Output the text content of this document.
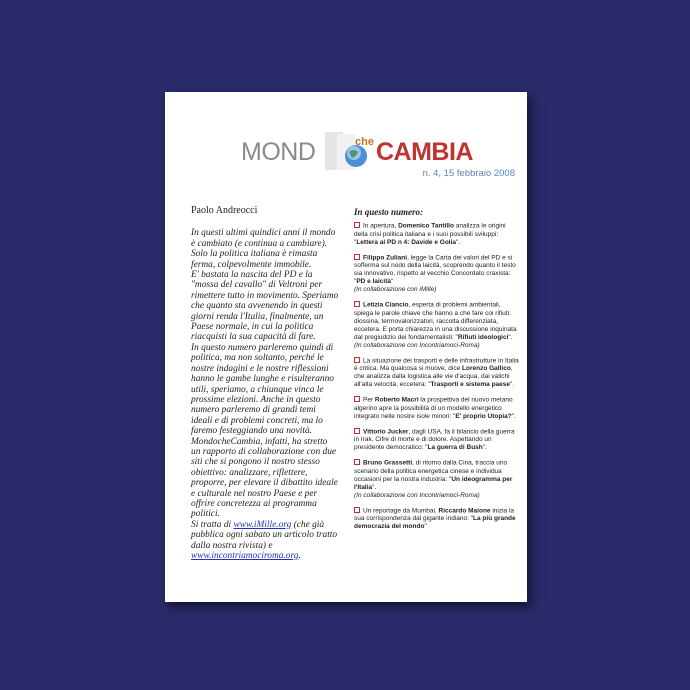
MOND	che CAMBIA
n. 4, 15 febbraio 2008

Paolo Andreocci

In questi ultimi quindici anni il mondo è cambiato (e continua a cambiare). Solo la politica italiana è rimasta ferma, colpevolmente immobile.
E' bastata la nascita del PD e la "mossa del cavallo" di Veltroni per rimettere tutto in movimento. Speriamo che quanto sta avvenendo in questi giorni renda l'Italia, finalmente, un Paese normale, in cui la politica riacquisti la sua capacità di fare.
In questo numero parleremo quindi di politica, ma non soltanto, perché le nostre indagini e le nostre riflessioni hanno le gambe lunghe e risulteranno utili, speriamo, a chiunque vinca le prossime elezioni. Anche in questo numero parleremo di grandi temi ideali e di problemi concreti, ma lo faremo festeggiando una novità. MondocheCambia, infatti, ha stretto un rapporto di collaborazione con due siti che si pongono il nostro stesso obiettivo: analizzare, riflettere, proporre, per elevare il dibattito ideale e culturale nel nostro Paese e per offrire concretezza ai programma politici.
Si tratta di www.iMille.org (che già pubblica ogni sabato un articolo tratto dalla nostra rivista) e www.incontriamociroma.org.

In questo numero:

In apertura, Domenico Tantillo analizza le origini della crisi politica italiana e i suoi possibili sviluppi: "Lettera al PD n 4: Davide e Golia".
Filippo Zuliani, legge la Carta dei valori del PD e si sofferma sul nodo della laicità, scoprendo quanto il testo sia innovativo, rispetto al vecchio Concordato craxista: "PD e laicità"
(In collaborazione con iMille)
Letizia Ciancio, esperta di problemi ambientali, spiega le parole chiave che hanno a che fare coi rifiuti: diossina, termovalorizzatori, raccolta differenziata, eccetera. E porta chiarezza in una discussione inquinata dal pregiudizio dei fondamentalisti: "Rifiuti ideologici".
(In collaborazione con Incontriamoci-Roma)
La situazione dei trasporti e delle infrastrutture in Italia è critica. Ma qualcosa si muove, dice Lorenzo Gallico, che analizza dalla logistica alle vie d'acqua, dai valichi all'alta velocità, eccetera: "Trasporti e sistema paese".
Per Roberto Macrì la prospettiva del nuovo metano algerino apre la possibilità di un modello energetico integrato nelle nostre isole minori: "E' proprio Utopia?".
Vittorio Jucker, dagli USA, fa il bilancio della guerra in Irak. Cifre di morte e di dolore. Aspettando un presidente democratico: "La guerra di Bush".
Bruno Grassetti, di ritorno dalla Cina, traccia uno scenario della politica energetica cinese e individua occasioni per la nostra industria: "Un ideogramma per l'Italia".
(In collaborazione con Incontriamoci-Roma)
Un reportage da Mumbai. Riccardo Maione inizia la sua corrispondenza dal gigante indiano: "La più grande democrazia del mondo"
